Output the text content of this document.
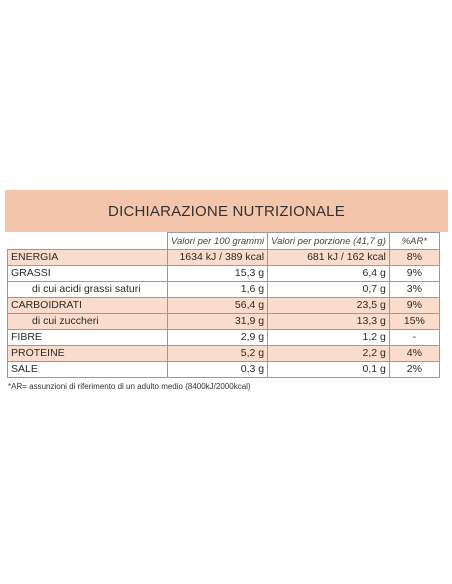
DICHIARAZIONE NUTRIZIONALE
	Valori per 100 grammi	Valori per porzione (41,7 g)	%AR*
ENERGIA	1634 kJ / 389 kcal	681 kJ / 162 kcal	8%
GRASSI	15,3 g	6,4 g	9%
di cui acidi grassi saturi	1,6 g	0,7 g	3%
CARBOIDRATI	56,4 g	23,5 g	9%
di cui zuccheri	31,9 g	13,3 g	15%
FIBRE	2,9 g	1,2 g	-
PROTEINE	5,2 g	2,2 g	4%
SALE	0,3 g	0,1 g	2%
*AR= assunzioni di riferimento di un adulto medio (8400kJ/2000kcal)
